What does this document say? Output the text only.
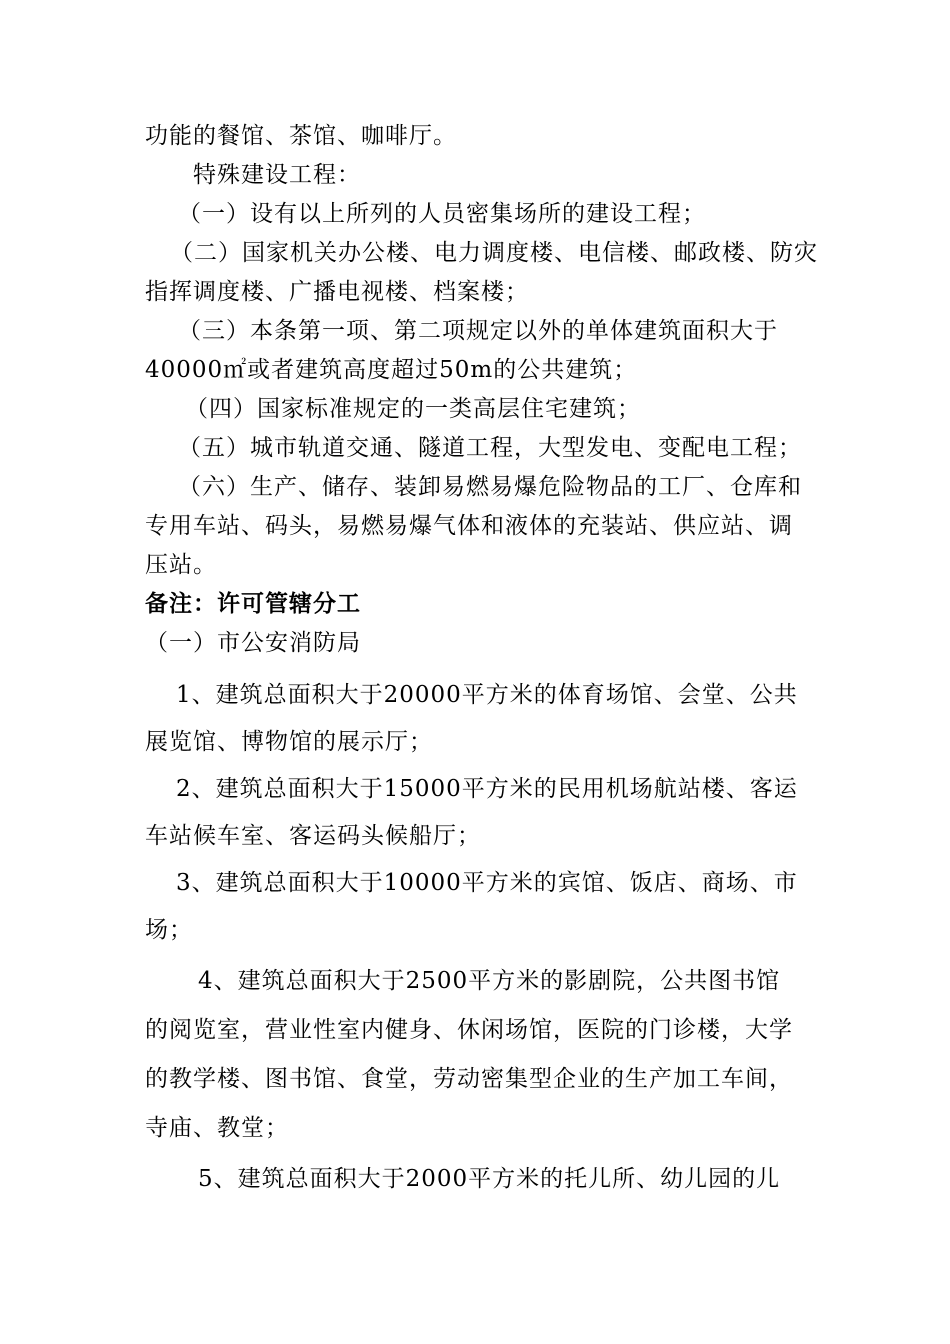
功能的餐馆、茶馆、咖啡厅。
特殊建设工程：
（一）设有以上所列的人员密集场所的建设工程；
（二）国家机关办公楼、电力调度楼、电信楼、邮政楼、防灾
指挥调度楼、广播电视楼、档案楼；
（三）本条第一项、第二项规定以外的单体建筑面积大于
40000㎡或者建筑高度超过50m的公共建筑；
（四）国家标准规定的一类高层住宅建筑；
（五）城市轨道交通、隧道工程，大型发电、变配电工程；
（六）生产、储存、装卸易燃易爆危险物品的工厂、仓库和
专用车站、码头，易燃易爆气体和液体的充装站、供应站、调
压站。
备注：许可管辖分工
（一）市公安消防局
1、建筑总面积大于20000平方米的体育场馆、会堂、公共
展览馆、博物馆的展示厅；
2、建筑总面积大于15000平方米的民用机场航站楼、客运
车站候车室、客运码头候船厅；
3、建筑总面积大于10000平方米的宾馆、饭店、商场、市
场；
4、建筑总面积大于2500平方米的影剧院，公共图书馆
的阅览室，营业性室内健身、休闲场馆，医院的门诊楼，大学
的教学楼、图书馆、食堂，劳动密集型企业的生产加工车间，
寺庙、教堂；
5、建筑总面积大于2000平方米的托儿所、幼儿园的儿
